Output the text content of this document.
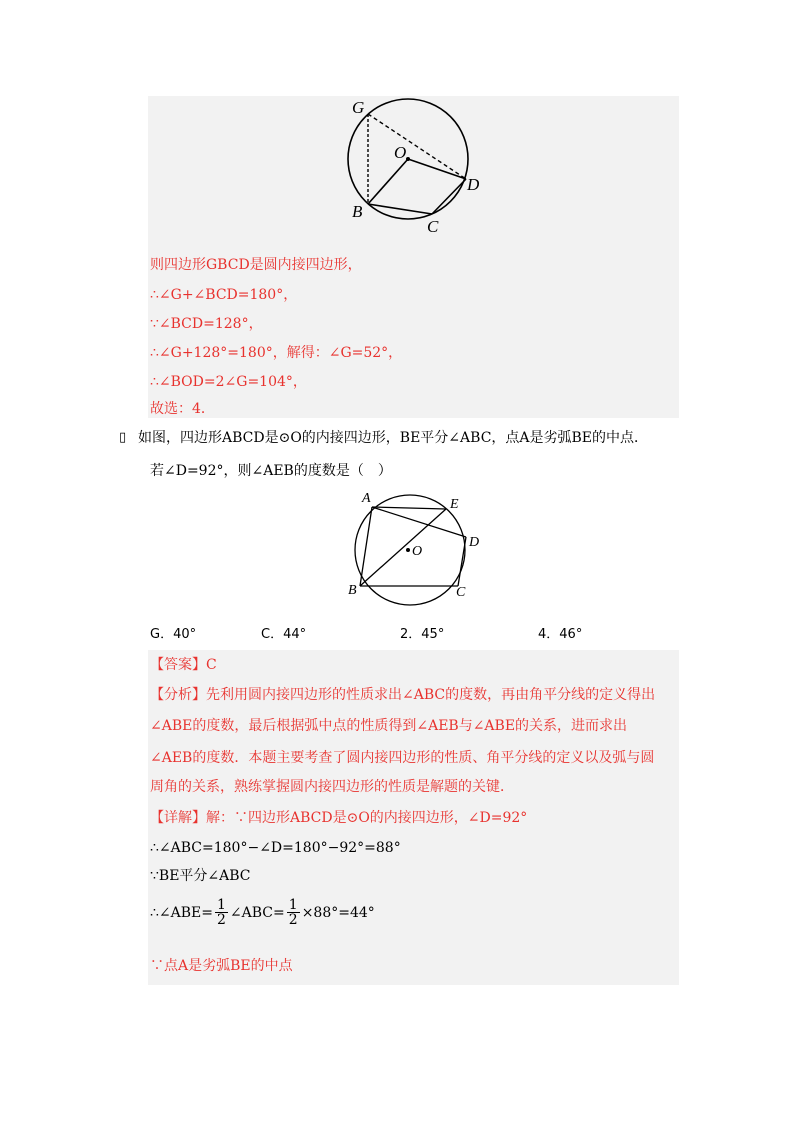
G
O
D
B
C
则四边形GBCD是圆内接四边形，
∴∠G+∠BCD=180°，
∵∠BCD=128°，
∴∠G+128°=180°，解得：∠G=52°，
∴∠BOD=2∠G=104°，
故选：4．
▯ 如图，四边形ABCD是⊙O的内接四边形，BE平分∠ABC，点A是劣弧BE的中点．
若∠D=92°，则∠AEB的度数是（　）
A	E
D
O
B	C
G．40°	C．44°	2．45°	4．46°
【答案】C
【分析】先利用圆内接四边形的性质求出∠ABC的度数，再由角平分线的定义得出
∠ABE的度数，最后根据弧中点的性质得到∠AEB与∠ABE的关系，进而求出
∠AEB的度数．本题主要考查了圆内接四边形的性质、角平分线的定义以及弧与圆
周角的关系，熟练掌握圆内接四边形的性质是解题的关键．
【详解】解：∵四边形ABCD是⊙O的内接四边形，∠D=92°
∴∠ABC=180°−∠D=180°−92°=88°
∵BE平分∠ABC
∴∠ABE= $\frac{1}{2}$ ∠ABC= $\frac{1}{2} \times 88^\circ=44^\circ$
∵点A是劣弧BE的中点
